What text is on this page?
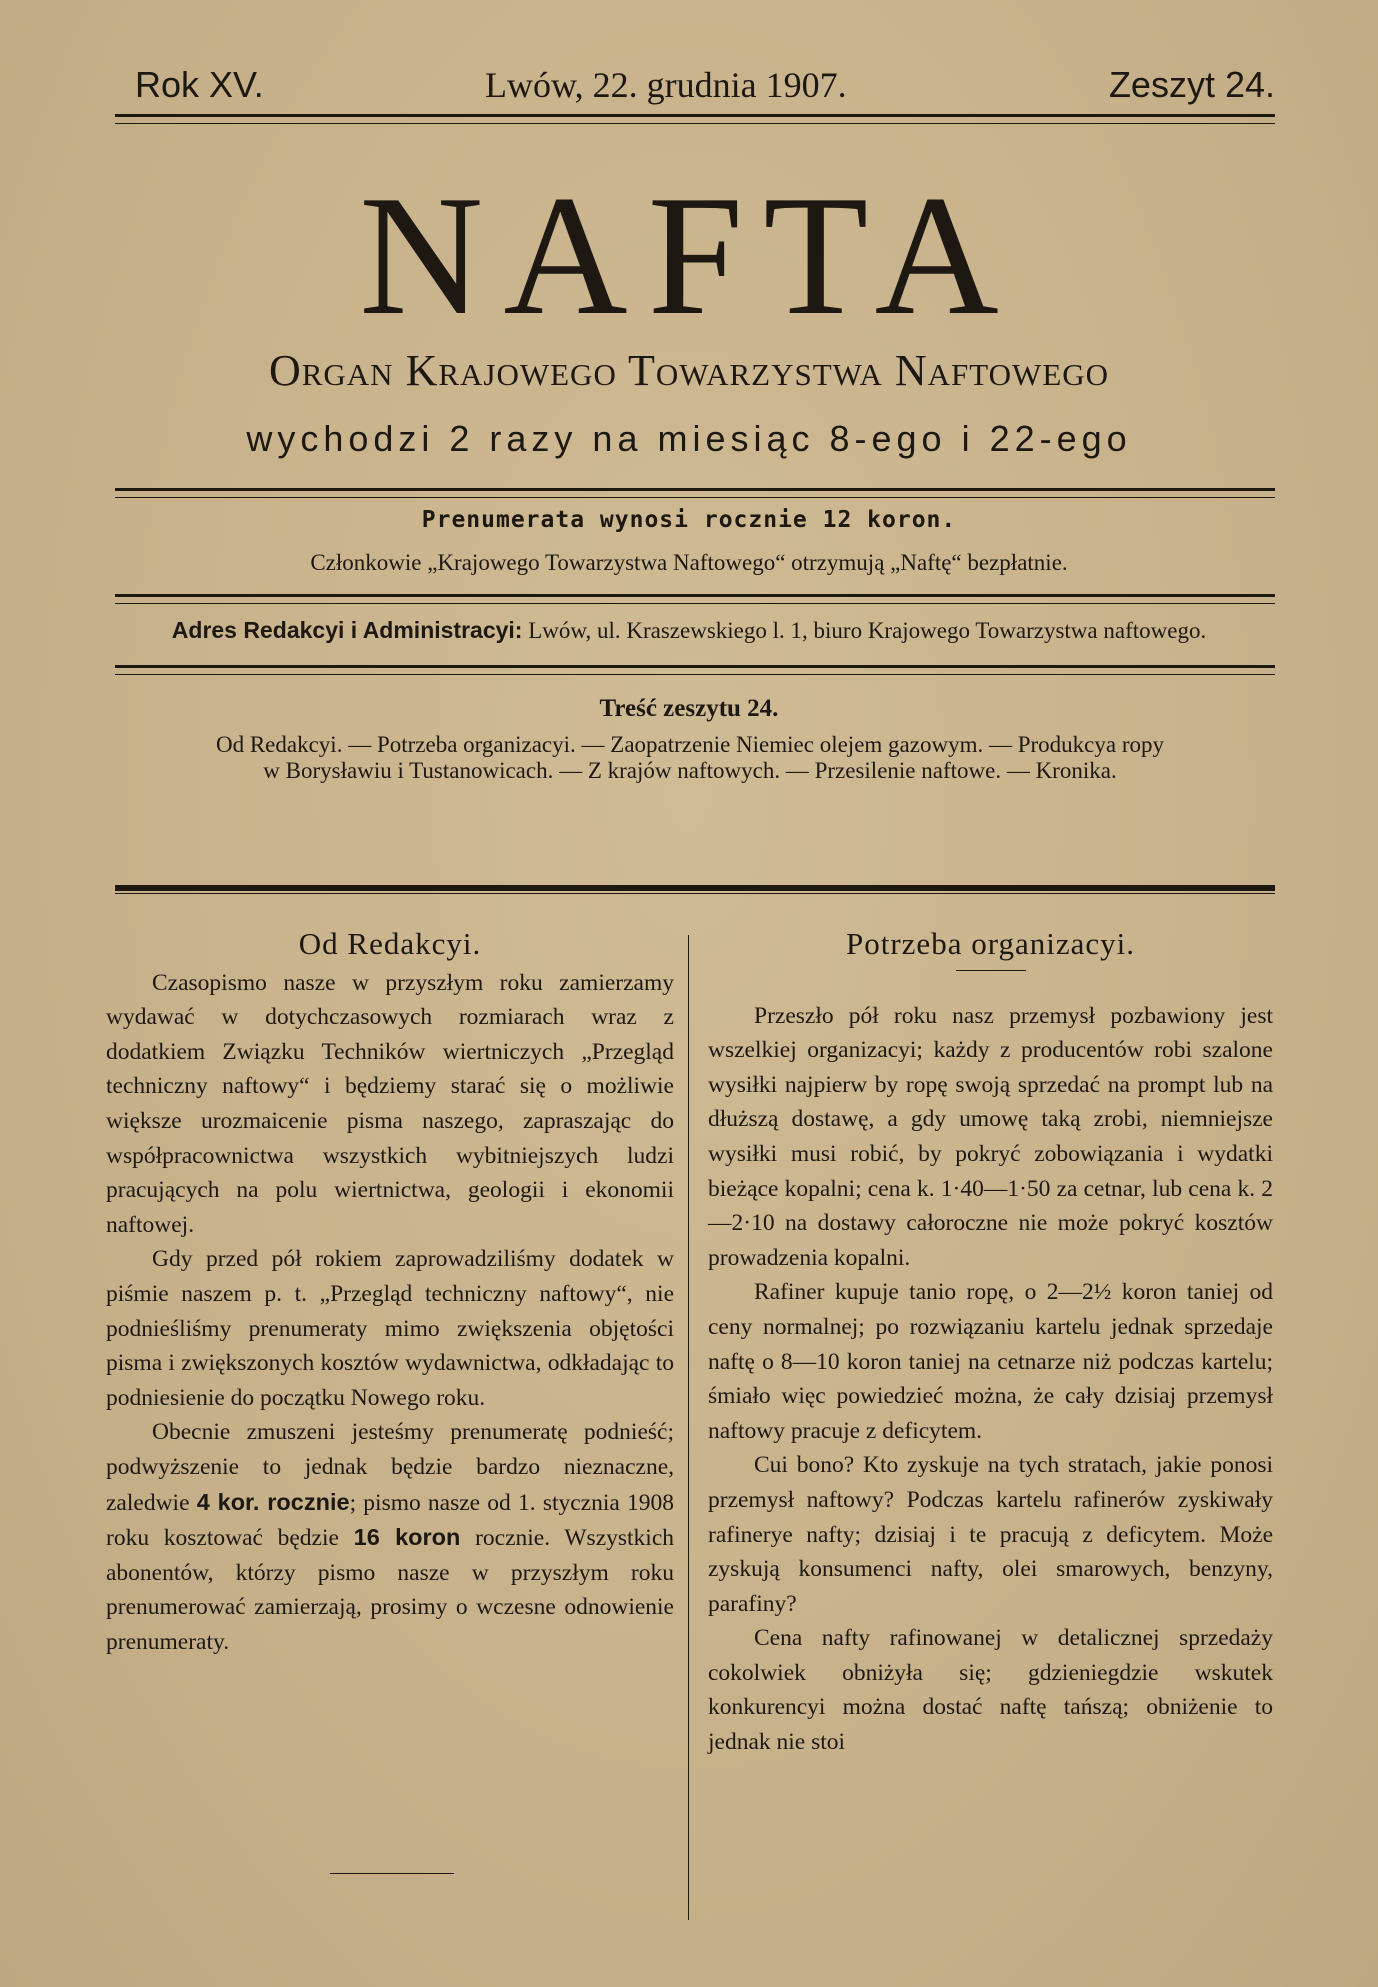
Rok XV.	Lwów, 22. grudnia 1907.	Zeszyt 24.
NAFTA
Organ Krajowego Towarzystwa Naftowego
wychodzi 2 razy na miesiąc 8-ego i 22-ego
Prenumerata wynosi rocznie 12 koron.
Członkowie „Krajowego Towarzystwa Naftowego“ otrzymują „Naftę“ bezpłatnie.
Adres Redakcyi i Administracyi: Lwów, ul. Kraszewskiego l. 1, biuro Krajowego Towarzystwa naftowego.
Treść zeszytu 24.
Od Redakcyi. — Potrzeba organizacyi. — Zaopatrzenie Niemiec olejem gazowym. — Produkcya ropy
w Borysławiu i Tustanowicach. — Z krajów naftowych. — Przesilenie naftowe. — Kronika.
Od Redakcyi.

Czasopismo nasze w przyszłym roku zamierzamy wydawać w dotychczasowych rozmiarach wraz z dodatkiem Związku Techników wiertniczych „Przegląd techniczny naftowy“ i będziemy starać się o możliwie większe urozmaicenie pisma naszego, zapraszając do współpracownictwa wszystkich wybitniejszych ludzi pracujących na polu wiertnictwa, geologii i ekonomii naftowej.

Gdy przed pół rokiem zaprowadziliśmy dodatek w piśmie naszem p. t. „Przegląd techniczny naftowy“, nie podnieśliśmy prenumeraty mimo zwiększenia objętości pisma i zwiększonych kosztów wydawnictwa, odkładając to podniesienie do początku Nowego roku.

Obecnie zmuszeni jesteśmy prenumeratę podnieść; podwyższenie to jednak będzie bardzo nieznaczne, zaledwie 4 kor. rocznie; pismo nasze od 1. stycznia 1908 roku kosztować będzie 16 koron rocznie. Wszystkich abonentów, którzy pismo nasze w przyszłym roku prenumerować zamierzają, prosimy o wczesne odnowienie prenumeraty.

Potrzeba organizacyi.

Przeszło pół roku nasz przemysł pozbawiony jest wszelkiej organizacyi; każdy z producentów robi szalone wysiłki najpierw by ropę swoją sprzedać na prompt lub na dłuższą dostawę, a gdy umowę taką zrobi, niemniejsze wysiłki musi robić, by pokryć zobowiązania i wydatki bieżące kopalni; cena k. 1·40—1·50 za cetnar, lub cena k. 2—2·10 na dostawy całoroczne nie może pokryć kosztów prowadzenia kopalni.

Rafiner kupuje tanio ropę, o 2—2½ koron taniej od ceny normalnej; po rozwiązaniu kartelu jednak sprzedaje naftę o 8—10 koron taniej na cetnarze niż podczas kartelu; śmiało więc powiedzieć można, że cały dzisiaj przemysł naftowy pracuje z deficytem.

Cui bono? Kto zyskuje na tych stratach, jakie ponosi przemysł naftowy? Podczas kartelu rafinerów zyskiwały rafinerye nafty; dzisiaj i te pracują z deficytem. Może zyskują konsumenci nafty, olei smarowych, benzyny, parafiny?

Cena nafty rafinowanej w detalicznej sprzedaży cokolwiek obniżyła się; gdzieniegdzie wskutek konkurencyi można dostać naftę tańszą; obniżenie to jednak nie stoi
